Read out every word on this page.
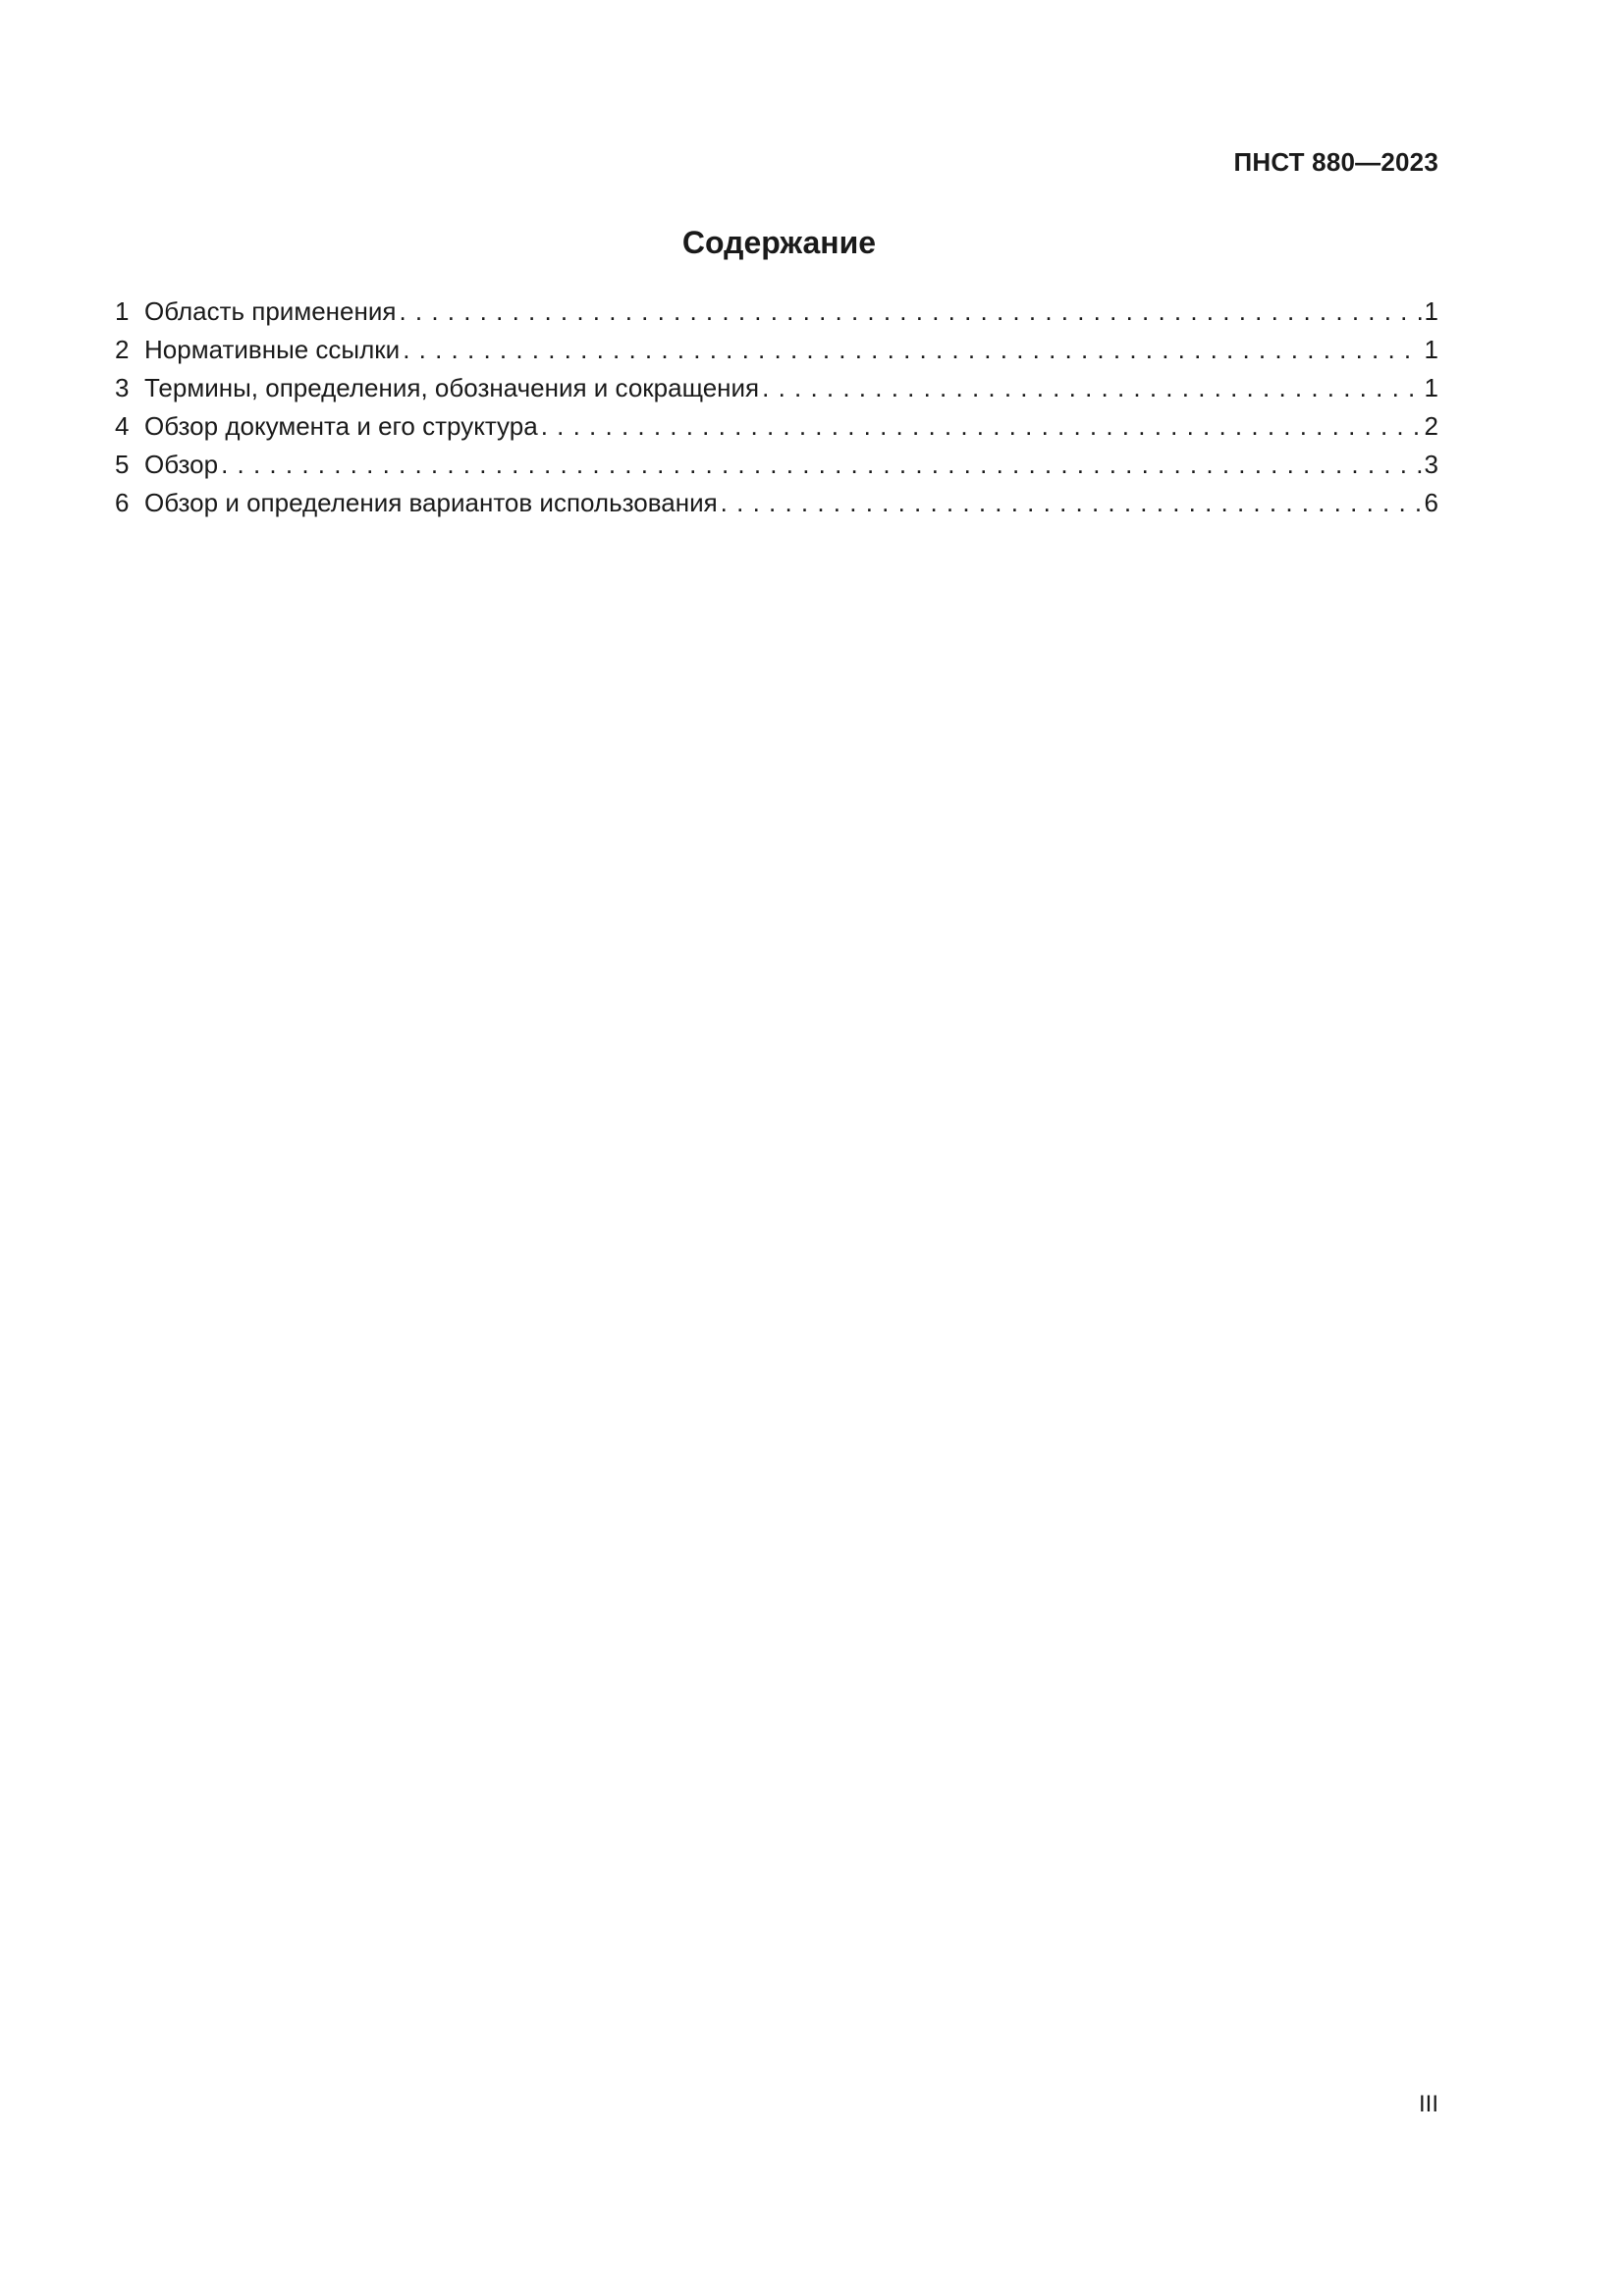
ПНСТ 880—2023
Содержание
1 Область применения . . .	1
2 Нормативные ссылки . . .	1
3 Термины, определения, обозначения и сокращения . . .	1
4 Обзор документа и его структура . . .	2
5 Обзор . . .	3
6 Обзор и определения вариантов использования . . .	6
III
